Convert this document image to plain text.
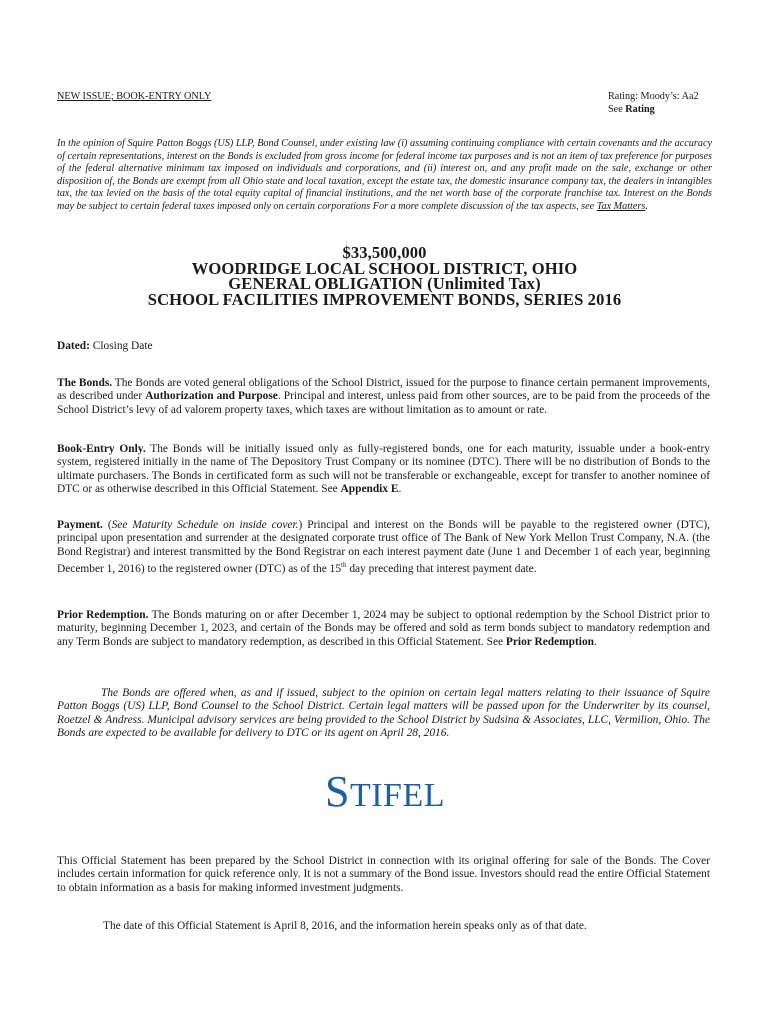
NEW ISSUE; BOOK-ENTRY ONLY	Rating: Moody’s: Aa2
See Rating
In the opinion of Squire Patton Boggs (US) LLP, Bond Counsel, under existing law (i) assuming continuing compliance with certain covenants and the accuracy of certain representations, interest on the Bonds is excluded from gross income for federal income tax purposes and is not an item of tax preference for purposes of the federal alternative minimum tax imposed on individuals and corporations, and (ii) interest on, and any profit made on the sale, exchange or other disposition of, the Bonds are exempt from all Ohio state and local taxation, except the estate tax, the domestic insurance company tax, the dealers in intangibles tax, the tax levied on the basis of the total equity capital of financial institutions, and the net worth base of the corporate franchise tax. Interest on the Bonds may be subject to certain federal taxes imposed only on certain corporations For a more complete discussion of the tax aspects, see Tax Matters.
$33,500,000
WOODRIDGE LOCAL SCHOOL DISTRICT, OHIO
GENERAL OBLIGATION (Unlimited Tax)
SCHOOL FACILITIES IMPROVEMENT BONDS, SERIES 2016
Dated: Closing Date
The Bonds. The Bonds are voted general obligations of the School District, issued for the purpose to finance certain permanent improvements, as described under Authorization and Purpose. Principal and interest, unless paid from other sources, are to be paid from the proceeds of the School District’s levy of ad valorem property taxes, which taxes are without limitation as to amount or rate.
Book-Entry Only. The Bonds will be initially issued only as fully-registered bonds, one for each maturity, issuable under a book-entry system, registered initially in the name of The Depository Trust Company or its nominee (DTC). There will be no distribution of Bonds to the ultimate purchasers. The Bonds in certificated form as such will not be transferable or exchangeable, except for transfer to another nominee of DTC or as otherwise described in this Official Statement. See Appendix E.
Payment. (See Maturity Schedule on inside cover.) Principal and interest on the Bonds will be payable to the registered owner (DTC), principal upon presentation and surrender at the designated corporate trust office of The Bank of New York Mellon Trust Company, N.A. (the Bond Registrar) and interest transmitted by the Bond Registrar on each interest payment date (June 1 and December 1 of each year, beginning December 1, 2016) to the registered owner (DTC) as of the 15th day preceding that interest payment date.
Prior Redemption. The Bonds maturing on or after December 1, 2024 may be subject to optional redemption by the School District prior to maturity, beginning December 1, 2023, and certain of the Bonds may be offered and sold as term bonds subject to mandatory redemption and any Term Bonds are subject to mandatory redemption, as described in this Official Statement. See Prior Redemption.
The Bonds are offered when, as and if issued, subject to the opinion on certain legal matters relating to their issuance of Squire Patton Boggs (US) LLP, Bond Counsel to the School District. Certain legal matters will be passed upon for the Underwriter by its counsel, Roetzel & Andress. Municipal advisory services are being provided to the School District by Sudsina & Associates, LLC, Vermilion, Ohio. The Bonds are expected to be available for delivery to DTC or its agent on April 28, 2016.
STIFEL
This Official Statement has been prepared by the School District in connection with its original offering for sale of the Bonds. The Cover includes certain information for quick reference only. It is not a summary of the Bond issue. Investors should read the entire Official Statement to obtain information as a basis for making informed investment judgments.
The date of this Official Statement is April 8, 2016, and the information herein speaks only as of that date.
